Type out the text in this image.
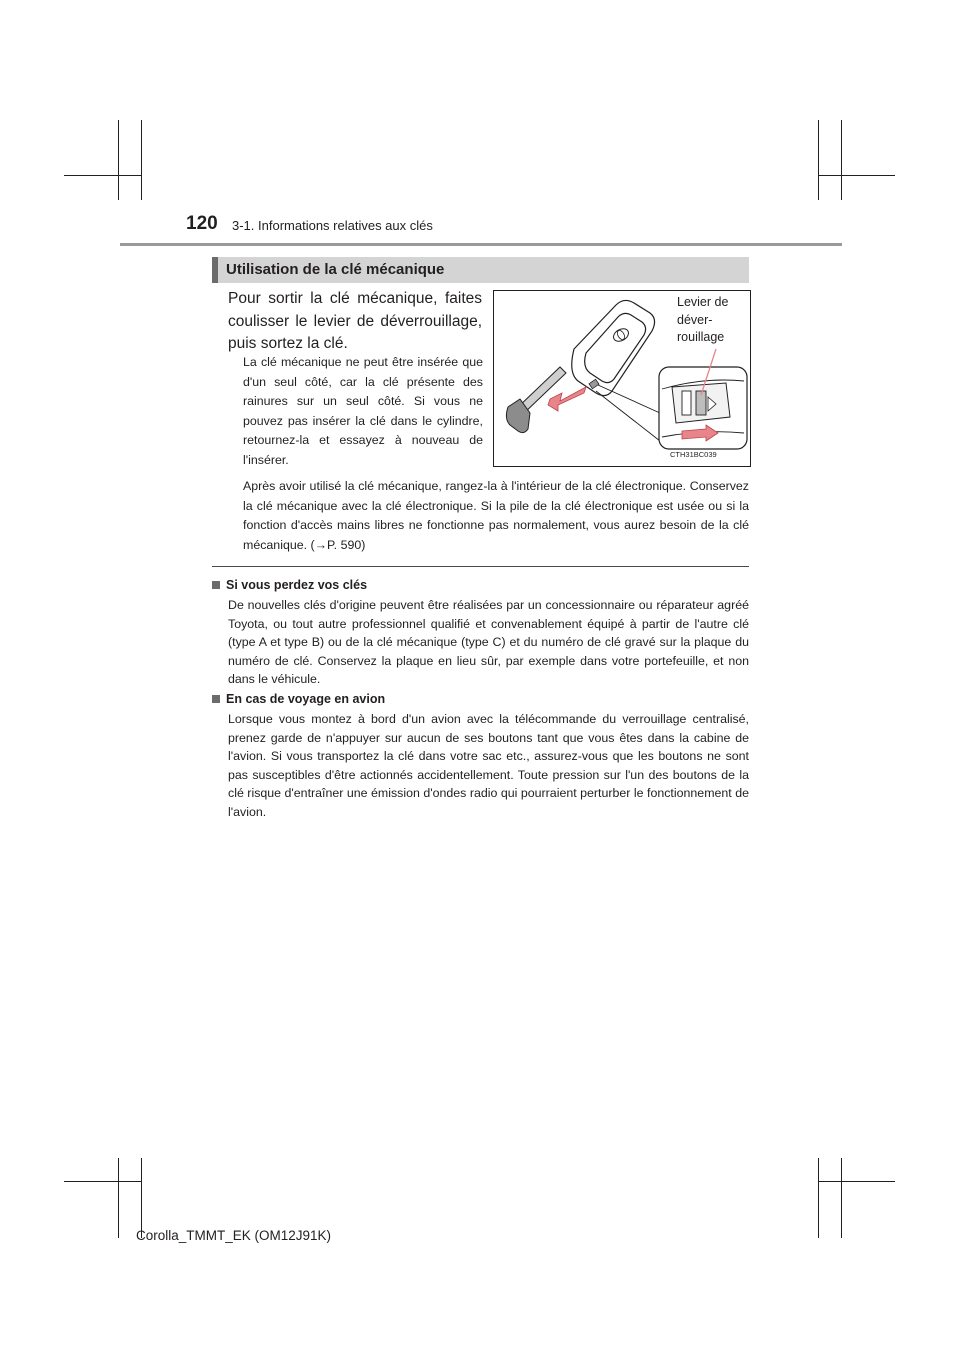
120 3-1. Informations relatives aux clés
Utilisation de la clé mécanique

Pour sortir la clé mécanique, faites coulisser le levier de déverrouillage, puis sortez la clé.

La clé mécanique ne peut être insérée que d'un seul côté, car la clé présente des rainures sur un seul côté. Si vous ne pouvez pas insérer la clé dans le cylindre, retournez-la et essayez à nouveau de l'insérer.

Levier de
déver-
rouillage

CTH31BC039

Après avoir utilisé la clé mécanique, rangez-la à l'intérieur de la clé électronique. Conservez la clé mécanique avec la clé électronique. Si la pile de la clé électronique est usée ou si la fonction d'accès mains libres ne fonctionne pas normalement, vous aurez besoin de la clé mécanique. (→P. 590)

Si vous perdez vos clés

De nouvelles clés d'origine peuvent être réalisées par un concessionnaire ou réparateur agréé Toyota, ou tout autre professionnel qualifié et convenablement équipé à partir de l'autre clé (type A et type B) ou de la clé mécanique (type C) et du numéro de clé gravé sur la plaque du numéro de clé. Conservez la plaque en lieu sûr, par exemple dans votre portefeuille, et non dans le véhicule.

En cas de voyage en avion

Lorsque vous montez à bord d'un avion avec la télécommande du verrouillage centralisé, prenez garde de n'appuyer sur aucun de ses boutons tant que vous êtes dans la cabine de l'avion. Si vous transportez la clé dans votre sac etc., assurez-vous que les boutons ne sont pas susceptibles d'être actionnés accidentellement. Toute pression sur l'un des boutons de la clé risque d'entraîner une émission d'ondes radio qui pourraient perturber le fonctionnement de l'avion.

Corolla_TMMT_EK (OM12J91K)
